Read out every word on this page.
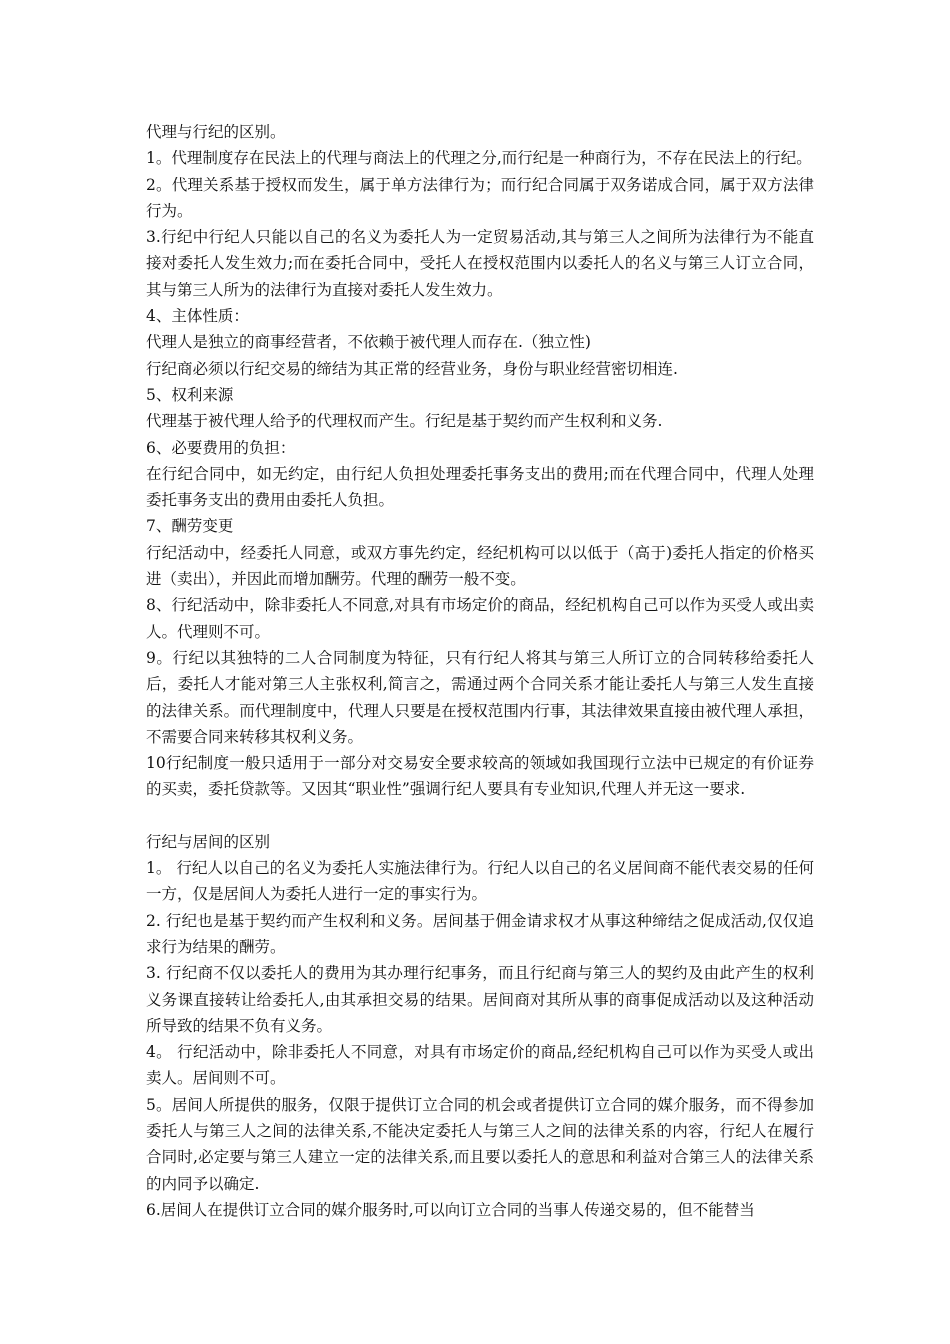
代理与行纪的区别。

1。代理制度存在民法上的代理与商法上的代理之分,而行纪是一种商行为，不存在民法上的行纪。

2。代理关系基于授权而发生，属于单方法律行为；而行纪合同属于双务诺成合同，属于双方法律行为。

3.行纪中行纪人只能以自己的名义为委托人为一定贸易活动,其与第三人之间所为法律行为不能直接对委托人发生效力;而在委托合同中，受托人在授权范围内以委托人的名义与第三人订立合同，其与第三人所为的法律行为直接对委托人发生效力。

4、主体性质：

代理人是独立的商事经营者，不依赖于被代理人而存在.（独立性)

行纪商必须以行纪交易的缔结为其正常的经营业务，身份与职业经营密切相连.

5、权利来源

代理基于被代理人给予的代理权而产生。行纪是基于契约而产生权利和义务.

6、必要费用的负担：

在行纪合同中，如无约定，由行纪人负担处理委托事务支出的费用;而在代理合同中，代理人处理委托事务支出的费用由委托人负担。

7、酬劳变更

行纪活动中，经委托人同意，或双方事先约定，经纪机构可以以低于（高于)委托人指定的价格买进（卖出），并因此而增加酬劳。代理的酬劳一般不变。

8、行纪活动中，除非委托人不同意,对具有市场定价的商品，经纪机构自己可以作为买受人或出卖人。代理则不可。

9。行纪以其独特的二人合同制度为特征，只有行纪人将其与第三人所订立的合同转移给委托人后，委托人才能对第三人主张权利,简言之，需通过两个合同关系才能让委托人与第三人发生直接的法律关系。而代理制度中，代理人只要是在授权范围内行事，其法律效果直接由被代理人承担，不需要合同来转移其权利义务。

10行纪制度一般只适用于一部分对交易安全要求较高的领域如我国现行立法中已规定的有价证券的买卖，委托贷款等。又因其“职业性”强调行纪人要具有专业知识,代理人并无这一要求.

行纪与居间的区别

1。 行纪人以自己的名义为委托人实施法律行为。行纪人以自己的名义居间商不能代表交易的任何一方，仅是居间人为委托人进行一定的事实行为。

2. 行纪也是基于契约而产生权利和义务。居间基于佣金请求权才从事这种缔结之促成活动,仅仅追求行为结果的酬劳。

3. 行纪商不仅以委托人的费用为其办理行纪事务，而且行纪商与第三人的契约及由此产生的权利义务课直接转让给委托人,由其承担交易的结果。居间商对其所从事的商事促成活动以及这种活动所导致的结果不负有义务。

4。 行纪活动中，除非委托人不同意，对具有市场定价的商品,经纪机构自己可以作为买受人或出卖人。居间则不可。

5。居间人所提供的服务，仅限于提供订立合同的机会或者提供订立合同的媒介服务，而不得参加委托人与第三人之间的法律关系,不能决定委托人与第三人之间的法律关系的内容，行纪人在履行合同时,必定要与第三人建立一定的法律关系,而且要以委托人的意思和利益对合第三人的法律关系的内同予以确定.

6.居间人在提供订立合同的媒介服务时,可以向订立合同的当事人传递交易的，但不能替当
